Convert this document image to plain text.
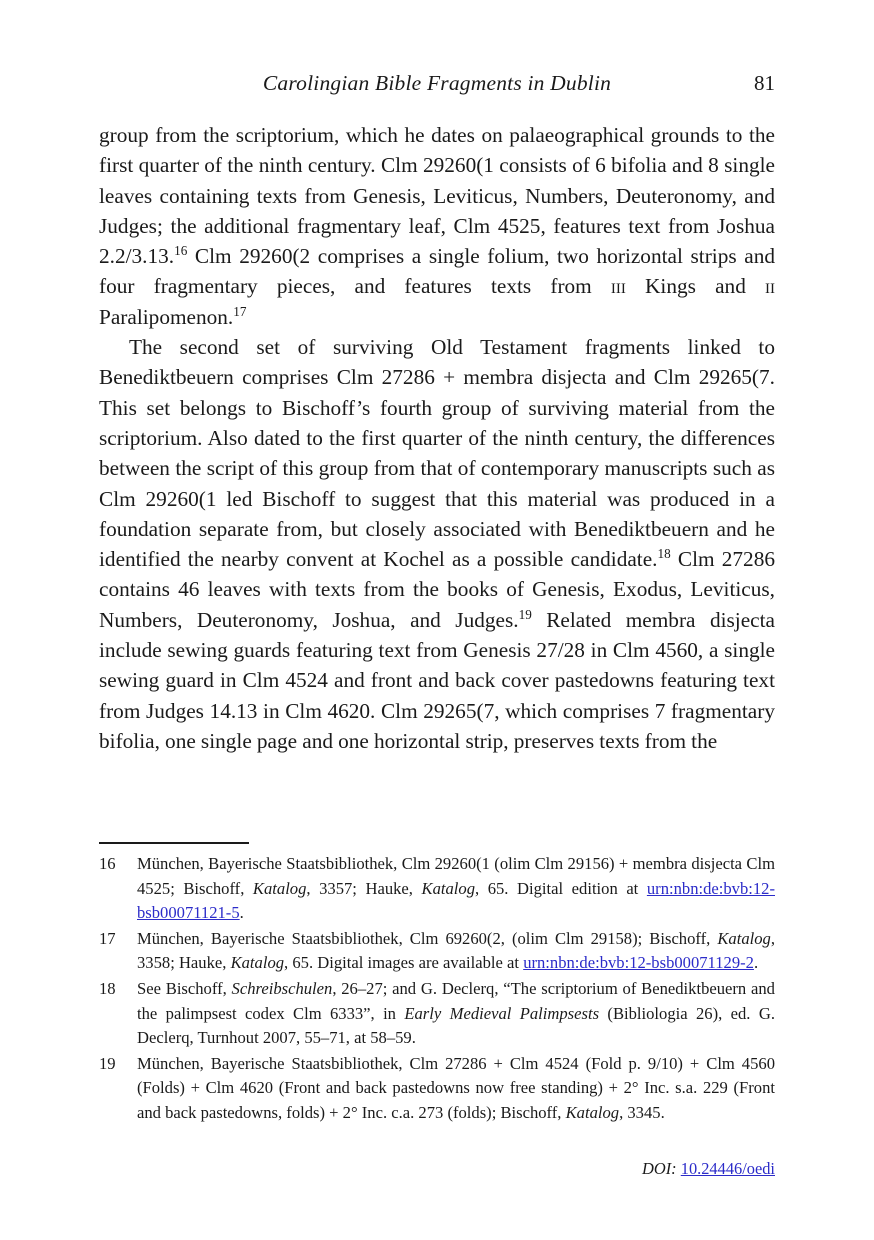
Carolingian Bible Fragments in Dublin	81

group from the scriptorium, which he dates on palaeographical grounds to the first quarter of the ninth century. Clm 29260(1 consists of 6 bifolia and 8 single leaves containing texts from Genesis, Leviticus, Numbers, Deuteronomy, and Judges; the additional fragmentary leaf, Clm 4525, features text from Joshua 2.2/3.13.16 Clm 29260(2 comprises a single folium, two horizontal strips and four fragmentary pieces, and features texts from iii Kings and ii Paralipomenon.$^{17}$

The second set of surviving Old Testament fragments linked to Benediktbeuern comprises Clm 27286 + membra disjecta and Clm 29265(7. This set belongs to Bischoff’s fourth group of surviving material from the scriptorium. Also dated to the first quarter of the ninth century, the differences between the script of this group from that of contemporary manuscripts such as Clm 29260(1 led Bischoff to suggest that this material was produced in a foundation separate from, but closely associated with Benediktbeuern and he identified the nearby convent at Kochel as a possible candidate.$^{18}$ Clm 27286 contains 46 leaves with texts from the books of Genesis, Exodus, Leviticus, Numbers, Deuteronomy, Joshua, and Judges.$^{19}$ Related membra disjecta include sewing guards featuring text from Genesis 27/28 in Clm 4560, a single sewing guard in Clm 4524 and front and back cover pastedowns featuring text from Judges 14.13 in Clm 4620. Clm 29265(7, which comprises 7 fragmentary bifolia, one single page and one horizontal strip, preserves texts from the

16	München, Bayerische Staatsbibliothek, Clm 29260(1 (olim Clm 29156) + membra disjecta Clm 4525; Bischoff, Katalog, 3357; Hauke, Katalog, 65. Digital edition at urn:nbn:de:bvb:12-bsb00071121-5.
17	München, Bayerische Staatsbibliothek, Clm 69260(2, (olim Clm 29158); Bischoff, Katalog, 3358; Hauke, Katalog, 65. Digital images are available at urn:nbn:de:bvb:12-bsb00071129-2.
18	See Bischoff, Schreibschulen, 26–27; and G. Declerq, “The scriptorium of Benediktbeuern and the palimpsest codex Clm 6333”, in Early Medieval Palimpsests (Bibliologia 26), ed. G. Declerq, Turnhout 2007, 55–71, at 58–59.
19	München, Bayerische Staatsbibliothek, Clm 27286 + Clm 4524 (Fold p. 9/10) + Clm 4560 (Folds) + Clm 4620 (Front and back pastedowns now free standing) + 2° Inc. s.a. 229 (Front and back pastedowns, folds) + 2° Inc. c.a. 273 (folds); Bischoff, Katalog, 3345.
DOI: 10.24446/oedi
